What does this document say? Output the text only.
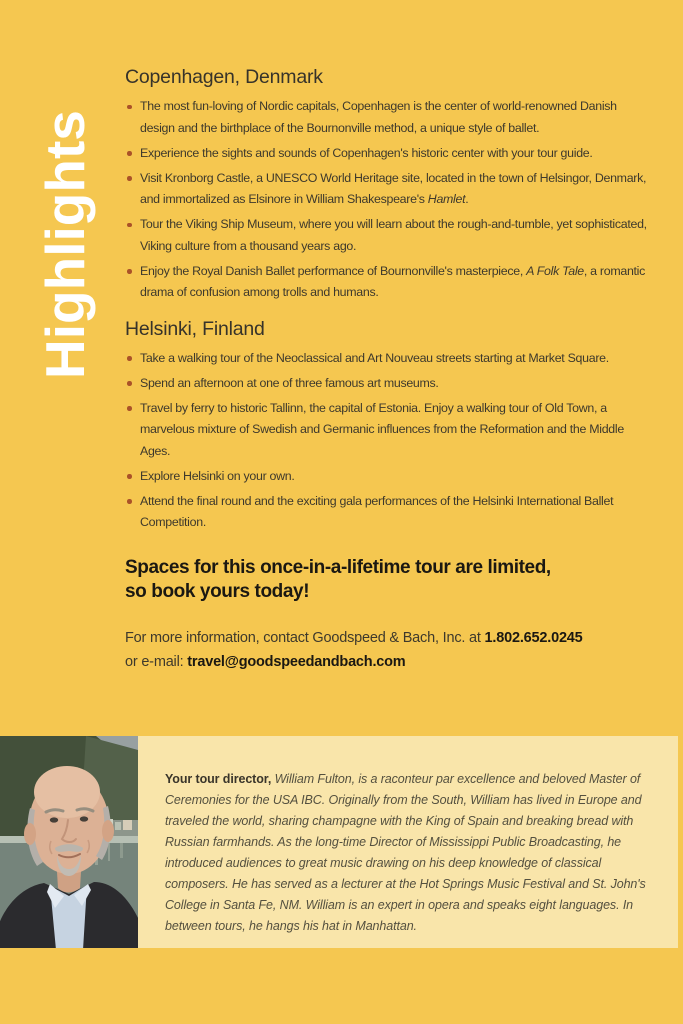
Highlights
Copenhagen, Denmark
The most fun-loving of Nordic capitals, Copenhagen is the center of world-renowned Danish design and the birthplace of the Bournonville method, a unique style of ballet.
Experience the sights and sounds of Copenhagen's historic center with your tour guide.
Visit Kronborg Castle, a UNESCO World Heritage site, located in the town of Helsingor, Denmark, and immortalized as Elsinore in William Shakespeare's Hamlet.
Tour the Viking Ship Museum, where you will learn about the rough-and-tumble, yet sophisticated, Viking culture from a thousand years ago.
Enjoy the Royal Danish Ballet performance of Bournonville's masterpiece, A Folk Tale, a romantic drama of confusion among trolls and humans.
Helsinki, Finland
Take a walking tour of the Neoclassical and Art Nouveau streets starting at Market Square.
Spend an afternoon at one of three famous art museums.
Travel by ferry to historic Tallinn, the capital of Estonia. Enjoy a walking tour of Old Town, a marvelous mixture of Swedish and Germanic influences from the Reformation and the Middle Ages.
Explore Helsinki on your own.
Attend the final round and the exciting gala performances of the Helsinki International Ballet Competition.
Spaces for this once-in-a-lifetime tour are limited,
so book yours today!

For more information, contact Goodspeed & Bach, Inc. at 1.802.652.0245

or e-mail: travel@goodspeedandbach.com

Your tour director, William Fulton, is a raconteur par excellence and beloved Master of Ceremonies for the USA IBC. Originally from the South, William has lived in Europe and traveled the world, sharing champagne with the King of Spain and breaking bread with Russian farmhands. As the long-time Director of Mississippi Public Broadcasting, he introduced audiences to great music drawing on his deep knowledge of classical composers. He has served as a lecturer at the Hot Springs Music Festival and St. John's College in Santa Fe, NM. William is an expert in opera and speaks eight languages. In between tours, he hangs his hat in Manhattan.
